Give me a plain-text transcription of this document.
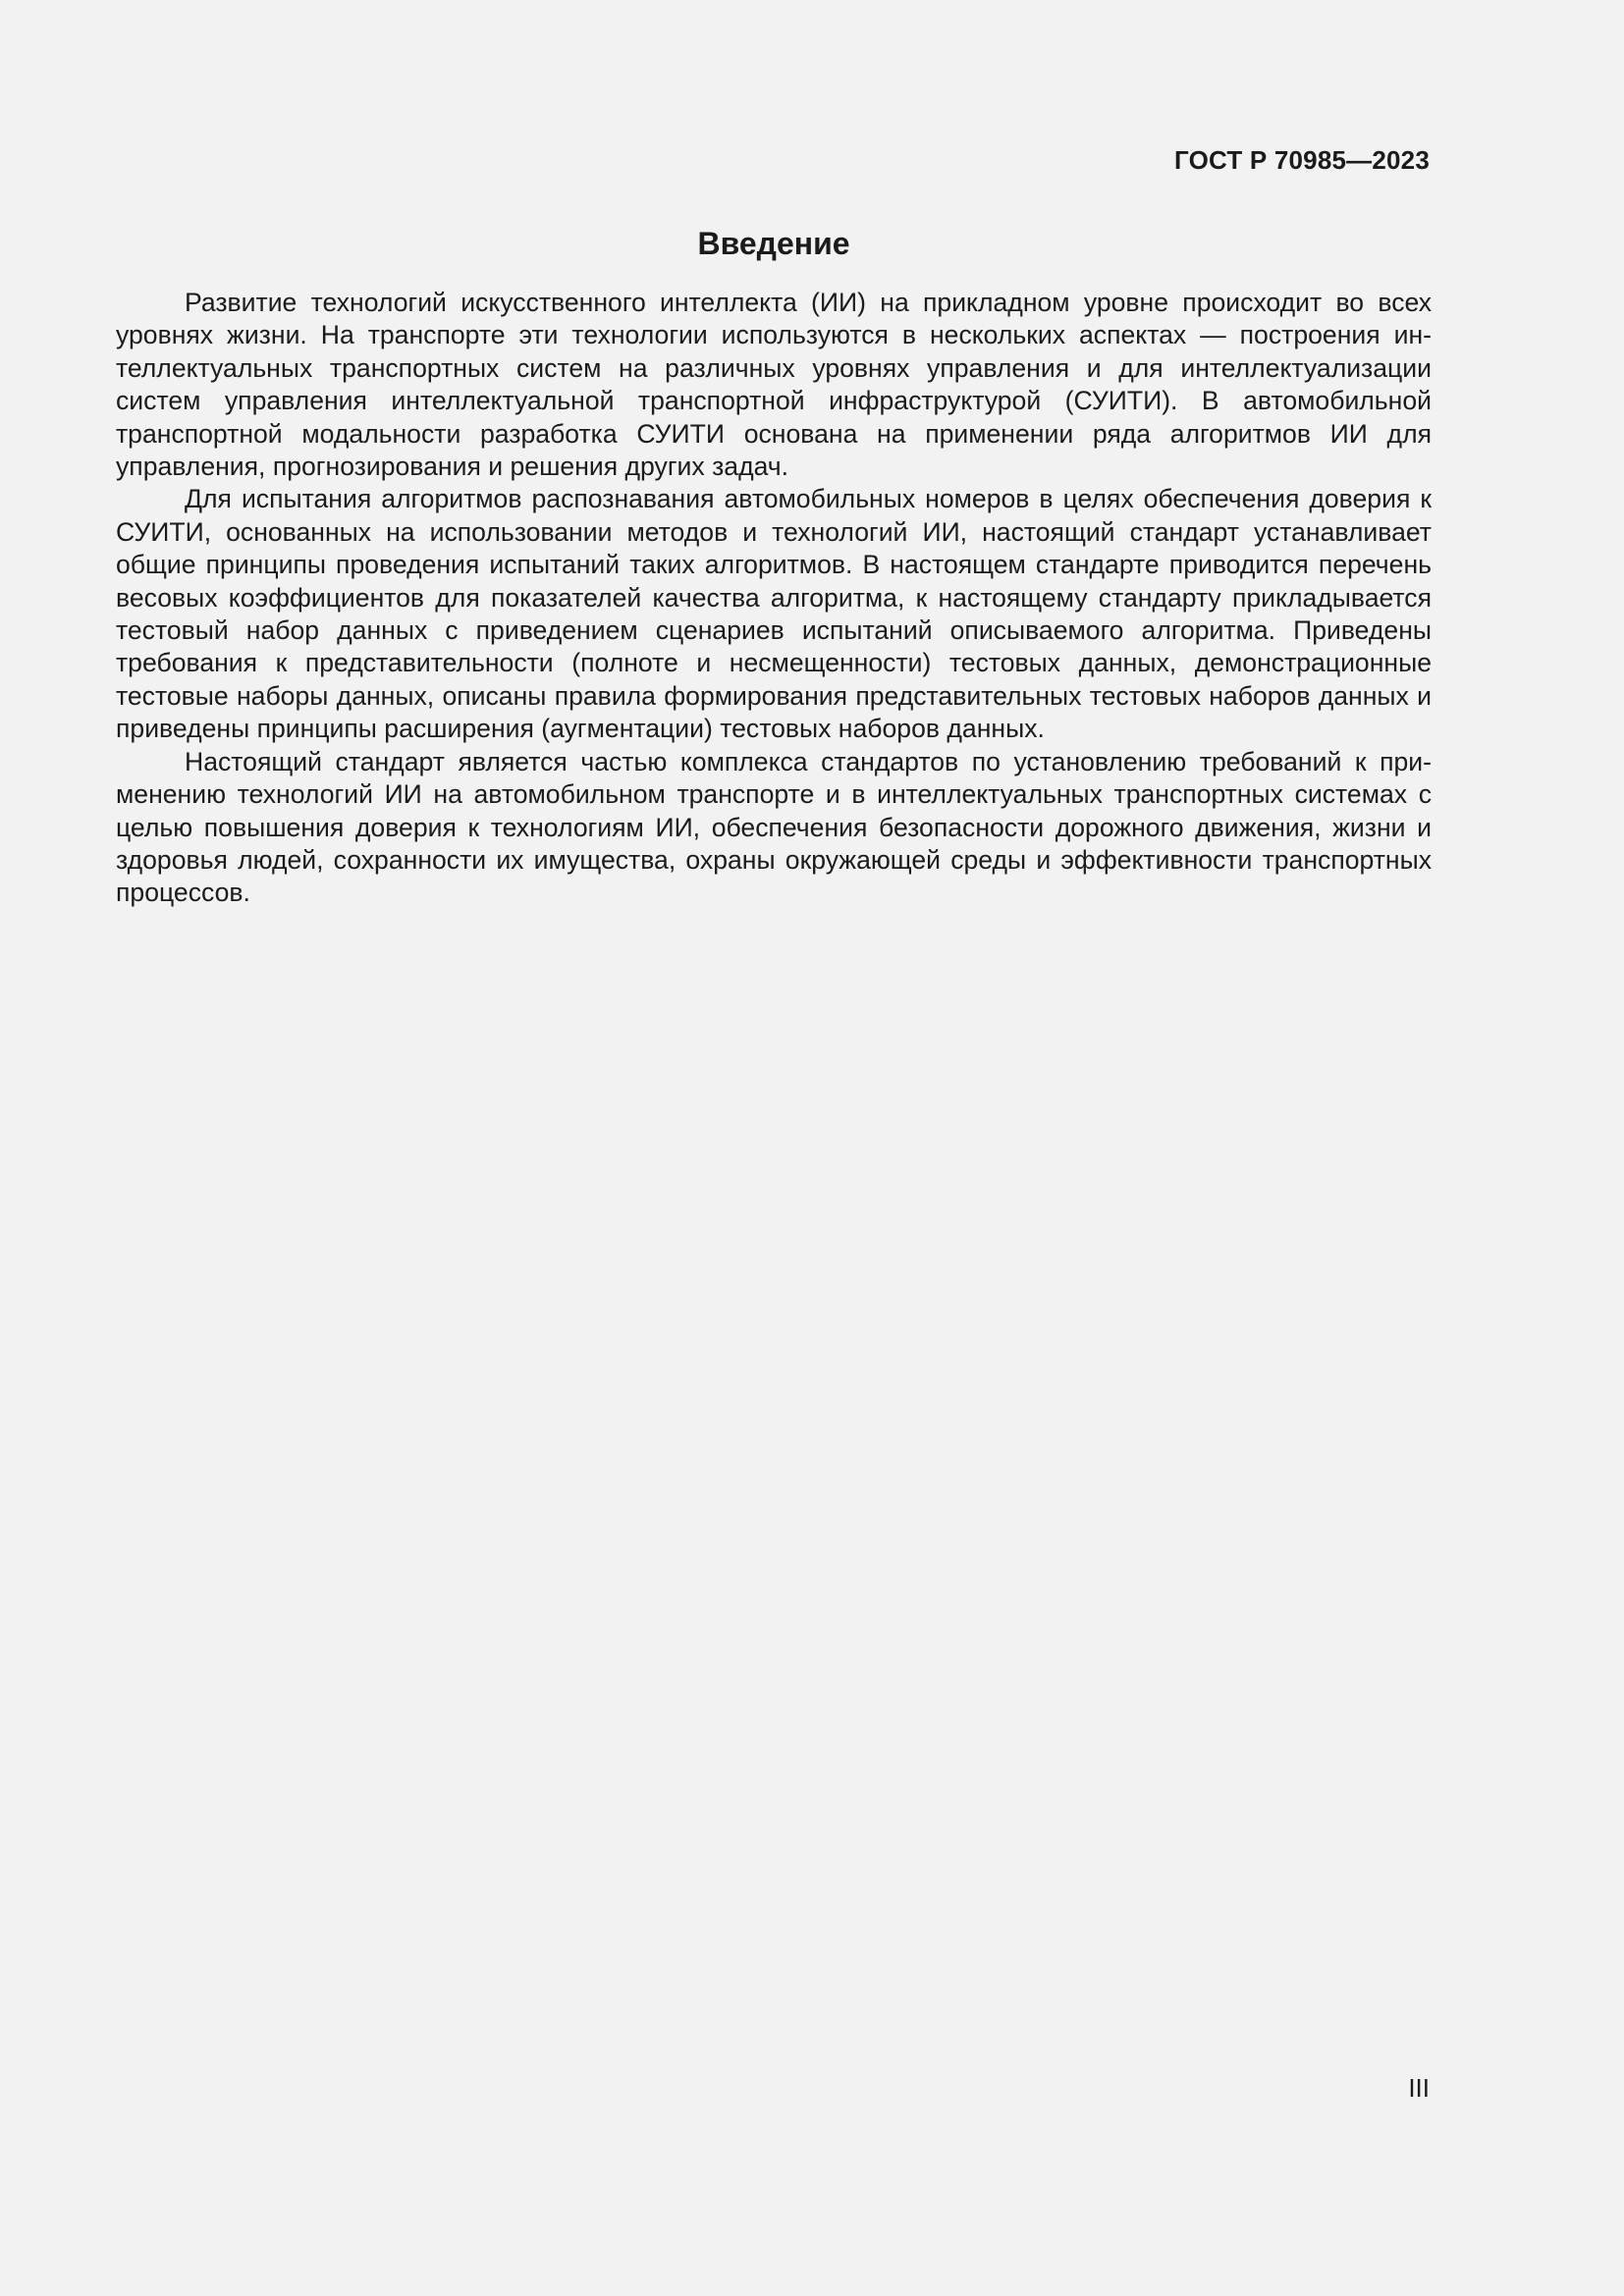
ГОСТ Р 70985—2023
Введение

Развитие технологий искусственного интеллекта (ИИ) на прикладном уровне происходит во всех уровнях жизни. На транспорте эти технологии используются в нескольких аспектах — построения интеллектуальных транспортных систем на различных уровнях управления и для интеллектуализации систем управления интеллектуальной транспортной инфраструктурой (СУИТИ). В автомобильной транспортной модальности разработка СУИТИ основана на применении ряда алгоритмов ИИ для управления, прогнозирования и решения других задач.

Для испытания алгоритмов распознавания автомобильных номеров в целях обеспечения доверия к СУИТИ, основанных на использовании методов и технологий ИИ, настоящий стандарт устанавливает общие принципы проведения испытаний таких алгоритмов. В настоящем стандарте приводится перечень весовых коэффициентов для показателей качества алгоритма, к настоящему стандарту прикладывается тестовый набор данных с приведением сценариев испытаний описываемого алгоритма. Приведены требования к представительности (полноте и несмещенности) тестовых данных, демонстрационные тестовые наборы данных, описаны правила формирования представительных тестовых наборов данных и приведены принципы расширения (аугментации) тестовых наборов данных.

Настоящий стандарт является частью комплекса стандартов по установлению требований к применению технологий ИИ на автомобильном транспорте и в интеллектуальных транспортных системах с целью повышения доверия к технологиям ИИ, обеспечения безопасности дорожного движения, жизни и здоровья людей, сохранности их имущества, охраны окружающей среды и эффективности транспортных процессов.

III
